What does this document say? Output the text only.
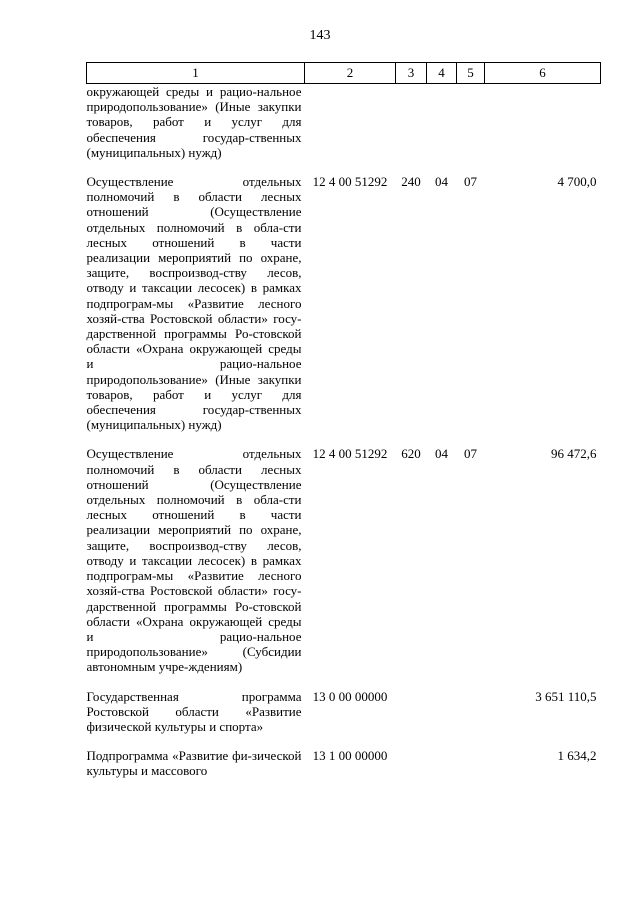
143
1	2	3	4	5	6
окружающей среды и рацио-нальное природопользование» (Иные закупки товаров, работ и услуг для обеспечения государ-ственных (муниципальных) нужд)					
Осуществление отдельных полномочий в области лесных отношений (Осуществление отдельных полномочий в обла-сти лесных отношений в части реализации мероприятий по охране, защите, воспроизвод-ству лесов, отводу и таксации лесосек) в рамках подпрограм-мы «Развитие лесного хозяй-ства Ростовской области» госу-дарственной программы Ро-стовской области «Охрана окружающей среды и рацио-нальное природопользование» (Иные закупки товаров, работ и услуг для обеспечения государ-ственных (муниципальных) нужд)	12 4 00 51292	240	04	07	4 700,0
Осуществление отдельных полномочий в области лесных отношений (Осуществление отдельных полномочий в обла-сти лесных отношений в части реализации мероприятий по охране, защите, воспроизвод-ству лесов, отводу и таксации лесосек) в рамках подпрограм-мы «Развитие лесного хозяй-ства Ростовской области» госу-дарственной программы Ро-стовской области «Охрана окружающей среды и рацио-нальное природопользование» (Субсидии автономным учре-ждениям)	12 4 00 51292	620	04	07	96 472,6
Государственная программа Ростовской области «Развитие физической культуры и спорта»	13 0 00 00000				3 651 110,5
Подпрограмма «Развитие фи-зической культуры и массового	13 1 00 00000				1 634,2
